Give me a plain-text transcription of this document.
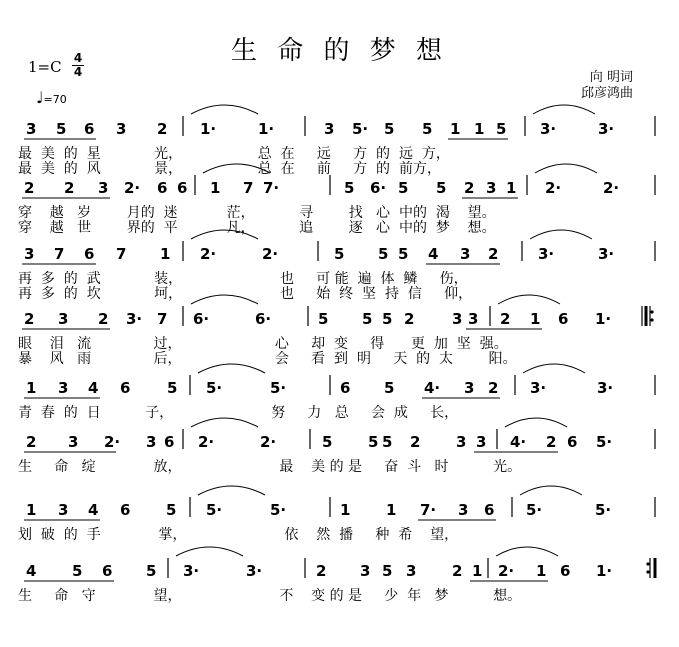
生 命 的 梦 想
1=C 4
4
♩=70
向 明词
邱彦鸿曲
3 5 6 3 2 1·	1·	3 5· 5 5 1 1 5 3·	3·
2 2 3 2· 6 6 1 7 7·	5 6· 5 5 2 3 1 2·	2·
3 7 6 7 1 2·	2·	5 5 5 4 3 2	3·	3·
2 3 2 3· 7 6·	6·	5 5 5 2	3 3 2 1 6 1·
1 3 4 6 5 5·	5·	6 5 4· 3 2 3·	3·
2 3 2· 3 6 2·	2·	5 5 5 2 3 3 4· 2 6 5·
1 3 4 6 5 5·	5·	1 1 7· 3 6 5·	5·
4 5 6 5 3·	3·	2 3 5 3 2 1 2· 1 6 1·
最  美  的  星            光，                 总  在     远     方  的  远  方，
最  美  的  风            景，                 总  在     前     方  的  前方，
穿    越   岁        月的  迷           茫，          寻        找   心  中的  渴    望。
穿    越   世        界的  平           凡，          追        逐   心  中的  梦    想。
再  多  的  武            装，                      也     可 能  遍  体  鳞     伤，
再  多  的  坎            坷，                      也     始  终  坚  持  信     仰，
眼    泪   流              过，                     心     却  变     得      更  加  坚  强。
暴    风   雨              后，                     会     看  到  明     天  的  太        阳。
青  春  的  日          子，                      努     力   总     会  成     长，
生     命   绽             放，                      最    美 的 是     奋  斗   时          光。
划  破  的  手             掌，                      依    然  播     种  希    望，
生     命   守             望，                      不    变 的 是     少  年   梦          想。
